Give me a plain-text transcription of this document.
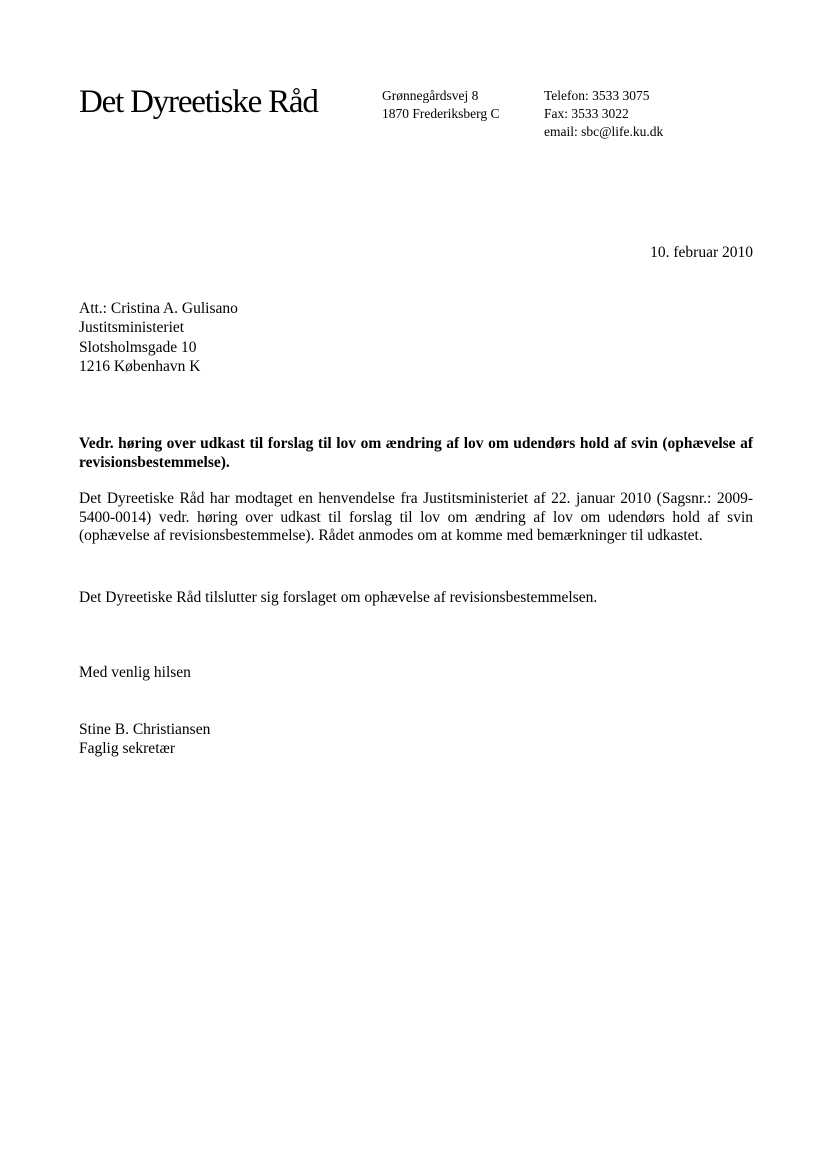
Det Dyreetiske Råd	Grønnegårdsvej 8
1870 Frederiksberg C
Telefon: 3533 3075
Fax: 3533 3022
email: sbc@life.ku.dk
10. februar 2010
Att.: Cristina A. Gulisano
Justitsministeriet
Slotsholmsgade 10
1216 København K
Vedr. høring over udkast til forslag til lov om ændring af lov om udendørs hold af svin (ophævelse af revisionsbestemmelse).
Det Dyreetiske Råd har modtaget en henvendelse fra Justitsministeriet af 22. januar 2010 (Sagsnr.: 2009-5400-0014) vedr. høring over udkast til forslag til lov om ændring af lov om udendørs hold af svin (ophævelse af revisionsbestemmelse). Rådet anmodes om at komme med bemærkninger til udkastet.
Det Dyreetiske Råd tilslutter sig forslaget om ophævelse af revisionsbestemmelsen.
Med venlig hilsen
Stine B. Christiansen
Faglig sekretær
